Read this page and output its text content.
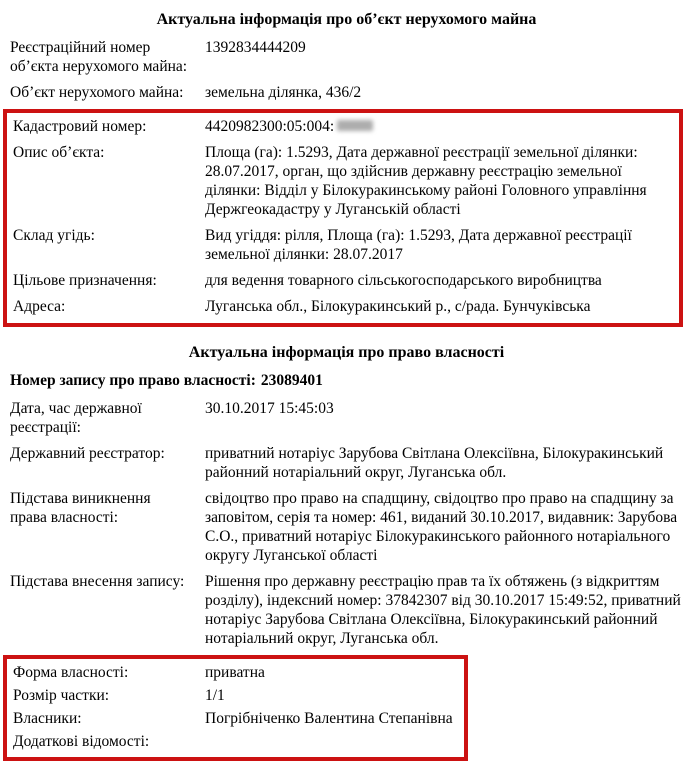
Актуальна інформація про об’єкт нерухомого майна
Реєстраційний номер об’єкта нерухомого майна:
1392834444209
Об’єкт нерухомого майна:	земельна ділянка, 436/2
Кадастровий номер:	4420982300:05:004:
Опис об’єкта:	Площа (га): 1.5293, Дата державної реєстрації земельної ділянки: 28.07.2017, орган, що здійснив державну реєстрацію земельної ділянки: Відділ у Білокуракинському районі Головного управління Держгеокадастру у Луганській області
Склад угідь:	Вид угіддя: рілля, Площа (га): 1.5293, Дата державної реєстрації земельної ділянки: 28.07.2017
Цільове призначення:	для ведення товарного сільськогосподарського виробництва
Адреса:	Луганська обл., Білокуракинський р., с/рада. Бунчуківська
Актуальна інформація про право власності
Номер запису про право власності: 23089401
Дата, час державної реєстрації:
30.10.2017 15:45:03
Державний реєстратор:	приватний нотаріус Зарубова Світлана Олексіївна, Білокуракинський районний нотаріальний округ, Луганська обл.
Підстава виникнення права власності:
свідоцтво про право на спадщину, свідоцтво про право на спадщину за заповітом, серія та номер: 461, виданий 30.10.2017, видавник: Зарубова С.О., приватний нотаріус Білокуракинського районного нотаріального округу Луганської області
Підстава внесення запису:	Рішення про державну реєстрацію прав та їх обтяжень (з відкриттям розділу), індексний номер: 37842307 від 30.10.2017 15:49:52, приватний нотаріус Зарубова Світлана Олексіївна, Білокуракинський районний нотаріальний округ, Луганська обл.
Форма власності:	приватна
Розмір частки:	1/1
Власники:	Погрібніченко Валентина Степанівна
Додаткові відомості:
